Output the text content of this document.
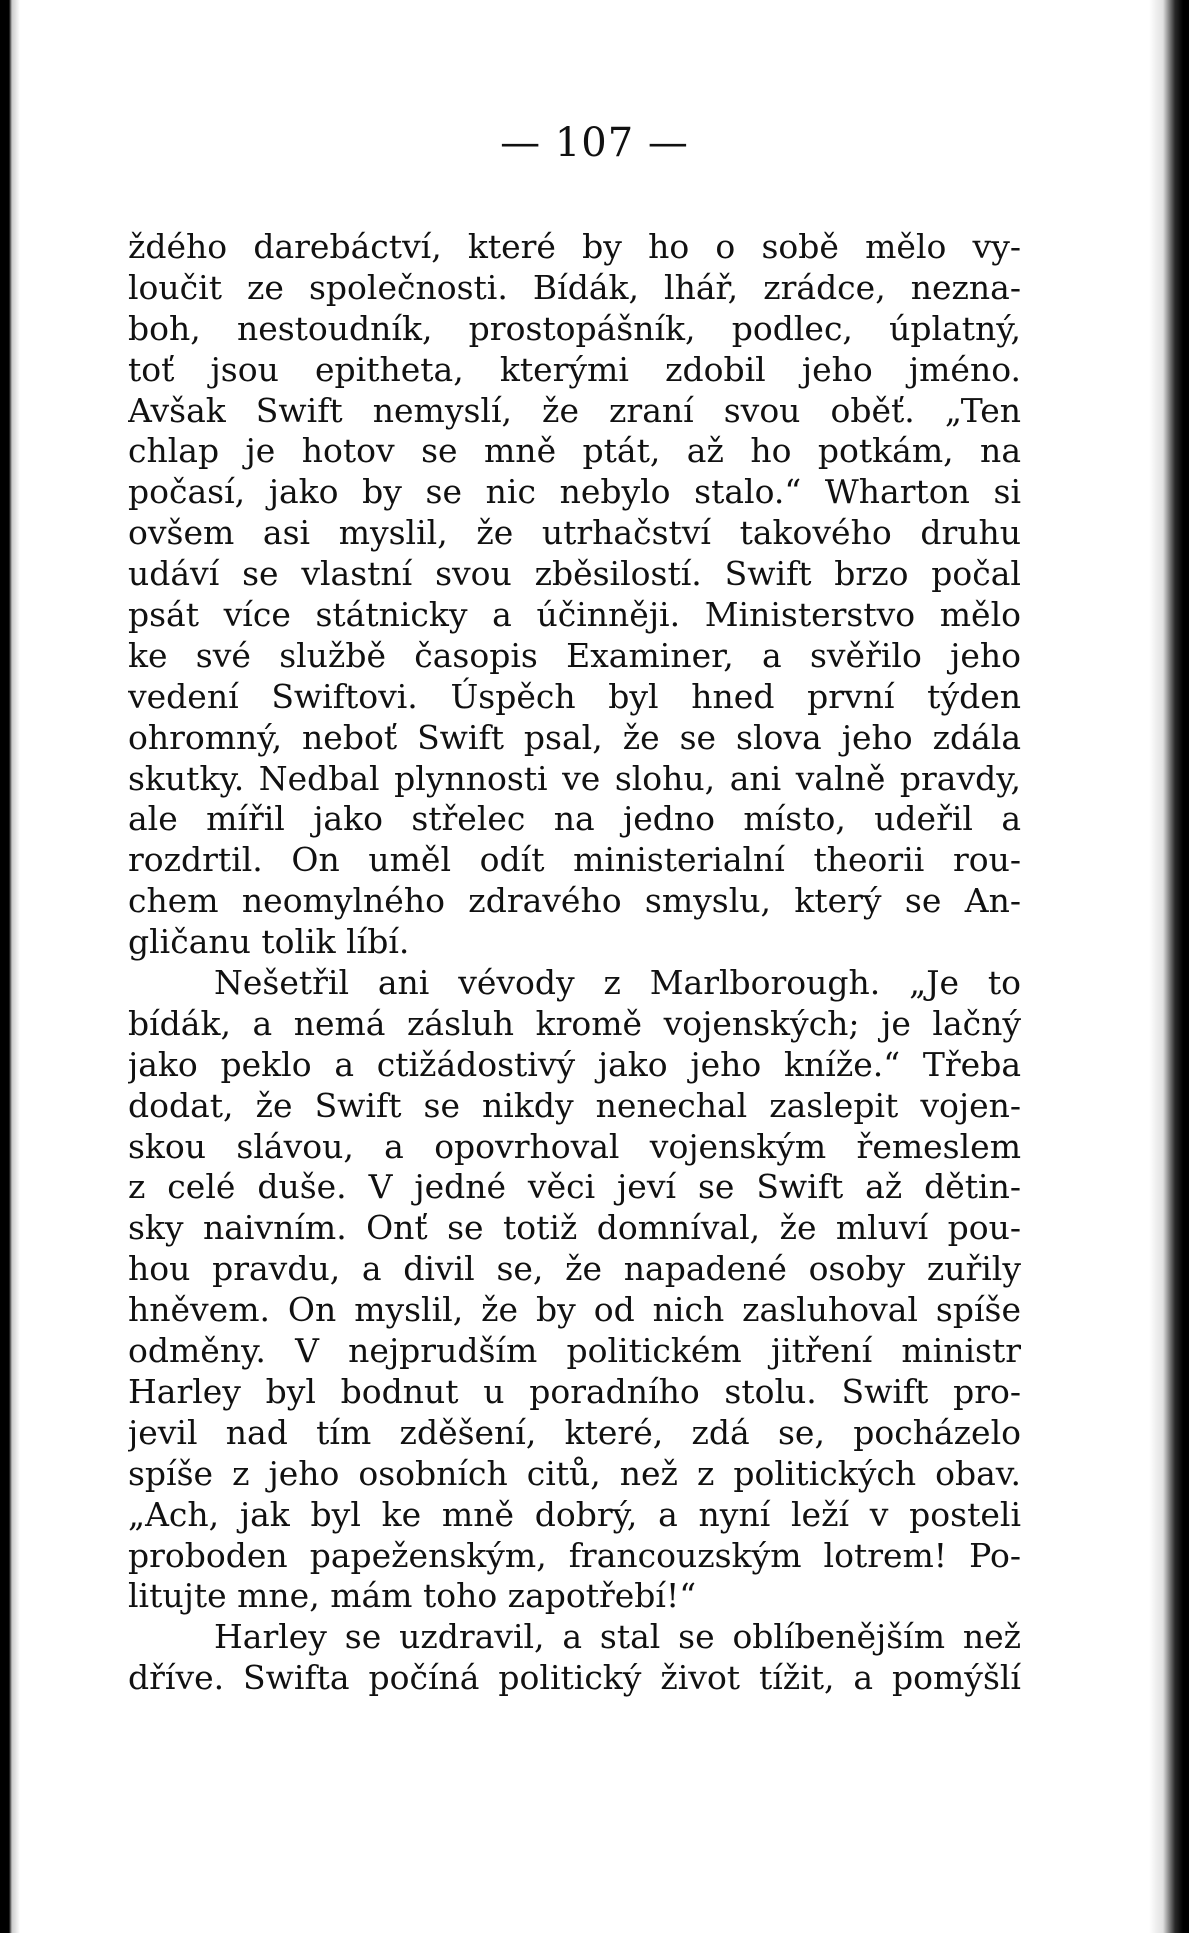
— 107 —
ždého darebáctví, které by ho o sobě mělo vy-
loučit ze společnosti. Bídák, lhář, zrádce, nezna-
boh, nestoudník, prostopášník, podlec, úplatný,
toť jsou epitheta, kterými zdobil jeho jméno.
Avšak Swift nemyslí, že zraní svou oběť. „Ten
chlap je hotov se mně ptát, až ho potkám, na
počasí, jako by se nic nebylo stalo.“ Wharton si
ovšem asi myslil, že utrhačství takového druhu
udáví se vlastní svou zběsilostí. Swift brzo počal
psát více státnicky a účinněji. Ministerstvo mělo
ke své službě časopis Examiner, a svěřilo jeho
vedení Swiftovi. Úspěch byl hned první týden
ohromný, neboť Swift psal, že se slova jeho zdála
skutky. Nedbal plynnosti ve slohu, ani valně pravdy,
ale mířil jako střelec na jedno místo, udeřil a
rozdrtil. On uměl odít ministerialní theorii rou-
chem neomylného zdravého smyslu, který se An-
gličanu tolik líbí.
Nešetřil ani vévody z Marlborough. „Je to
bídák, a nemá zásluh kromě vojenských; je lačný
jako peklo a ctižádostivý jako jeho kníže.“ Třeba
dodat, že Swift se nikdy nenechal zaslepit vojen-
skou slávou, a opovrhoval vojenským řemeslem
z celé duše. V jedné věci jeví se Swift až dětin-
sky naivním. Onť se totiž domníval, že mluví pou-
hou pravdu, a divil se, že napadené osoby zuřily
hněvem. On myslil, že by od nich zasluhoval spíše
odměny. V nejprudším politickém jitření ministr
Harley byl bodnut u poradního stolu. Swift pro-
jevil nad tím zděšení, které, zdá se, pocházelo
spíše z jeho osobních citů, než z politických obav.
„Ach, jak byl ke mně dobrý, a nyní leží v posteli
proboden papeženským, francouzským lotrem! Po-
litujte mne, mám toho zapotřebí!“
Harley se uzdravil, a stal se oblíbenějším než
dříve. Swifta počíná politický život tížit, a pomýšlí
